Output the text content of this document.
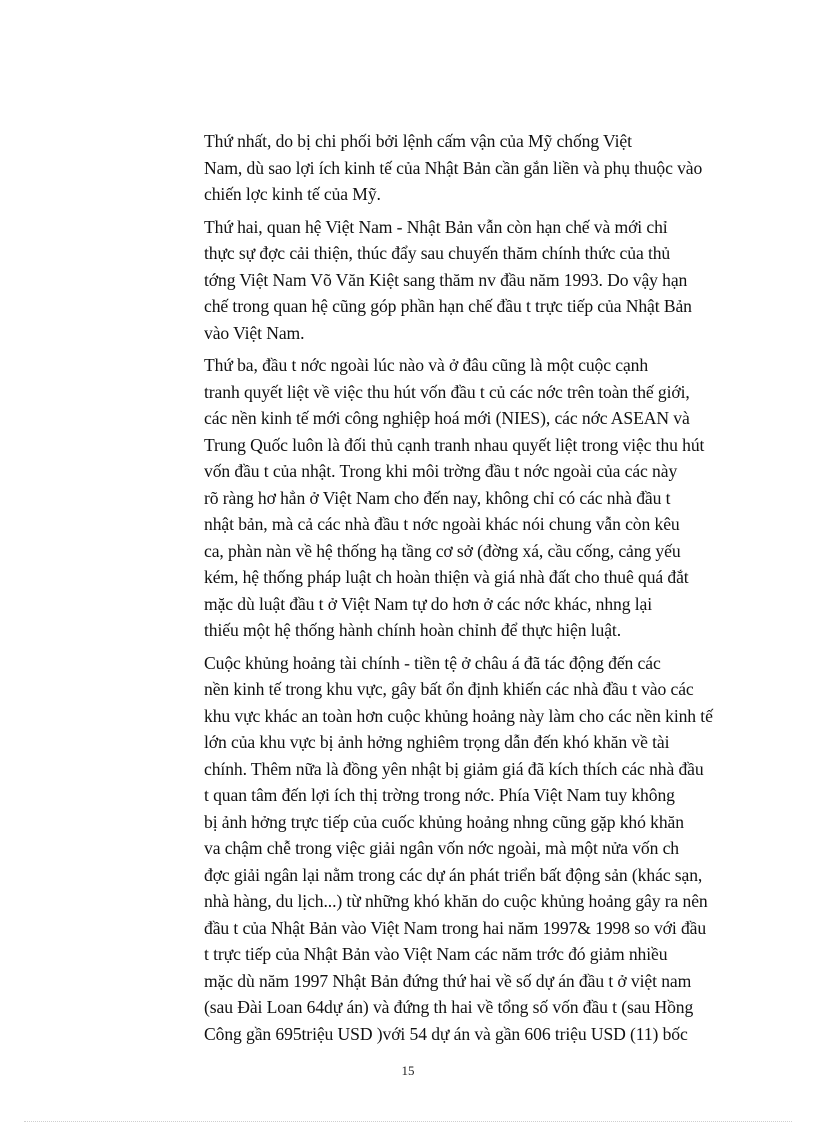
Thứ nhất, do bị chi phối bởi lệnh cấm vận của Mỹ chống Việt
Nam, dù sao lợi ích kinh tế của Nhật Bản cần gắn liền và phụ thuộc vào
chiến lợc kinh tế của Mỹ.

Thứ hai, quan hệ Việt Nam - Nhật Bản vẫn còn hạn chế và mới chỉ
thực sự đợc cải thiện, thúc đẩy sau chuyến thăm chính thức của thủ
tớng Việt Nam Võ Văn Kiệt sang thăm nv đầu năm 1993. Do vậy hạn
chế trong quan hệ cũng góp phần hạn chế đầu t trực tiếp của Nhật Bản
vào Việt Nam.

Thứ ba, đầu t nớc ngoài lúc nào và ở đâu cũng là một cuộc cạnh
tranh quyết liệt về việc thu hút vốn đầu t củ các nớc trên toàn thế giới,
các nền kinh tế mới công nghiệp hoá mới (NIES), các nớc ASEAN và
Trung Quốc luôn là đối thủ cạnh tranh nhau quyết liệt trong việc thu hút
vốn đầu t của nhật. Trong khi môi trờng đầu t nớc ngoài của các này
rõ ràng hơ hẳn ở Việt Nam cho đến nay, không chỉ có các nhà đầu t
nhật bản, mà cả các nhà đầu t nớc ngoài khác nói chung vẫn còn kêu
ca, phàn nàn về hệ thống hạ tầng cơ sở (đờng xá, cầu cống, cảng yếu
kém, hệ thống pháp luật ch hoàn thiện và giá nhà đất cho thuê quá đắt
mặc dù luật đầu t ở Việt Nam tự do hơn ở các nớc khác, nhng lại
thiếu một hệ thống hành chính hoàn chỉnh để thực hiện luật.

Cuộc khủng hoảng tài chính - tiền tệ ở châu á đã tác động đến các
nền kinh tế trong khu vực, gây bất ổn định khiến các nhà đầu t vào các
khu vực khác an toàn hơn cuộc khủng hoảng này làm cho các nền kinh tế
lớn của khu vực bị ảnh hởng nghiêm trọng dẫn đến khó khăn về tài
chính. Thêm nữa là đồng yên nhật bị giảm giá đã kích thích các nhà đầu
t quan tâm đến lợi ích thị trờng trong nớc. Phía Việt Nam tuy không
bị ảnh hởng trực tiếp của cuốc khủng hoảng nhng cũng gặp khó khăn
va chậm chễ trong việc giải ngân vốn nớc ngoài, mà một nửa vốn ch
đợc giải ngân lại nằm trong các dự án phát triển bất động sản (khác sạn,
nhà hàng, du lịch...) từ những khó khăn do cuộc khủng hoảng gây ra nên
đầu t của Nhật Bản vào Việt Nam trong hai năm 1997& 1998 so với đầu
t trực tiếp của Nhật Bản vào Việt Nam các năm trớc đó giảm nhiều
mặc dù năm 1997 Nhật Bản đứng thứ hai về số dự án đầu t ở việt nam
(sau Đài Loan 64dự án) và đứng th hai về tổng số vốn đầu t (sau Hồng
Công gần 695triệu USD )với 54 dự án và gần 606 triệu USD (11) bốc

15
